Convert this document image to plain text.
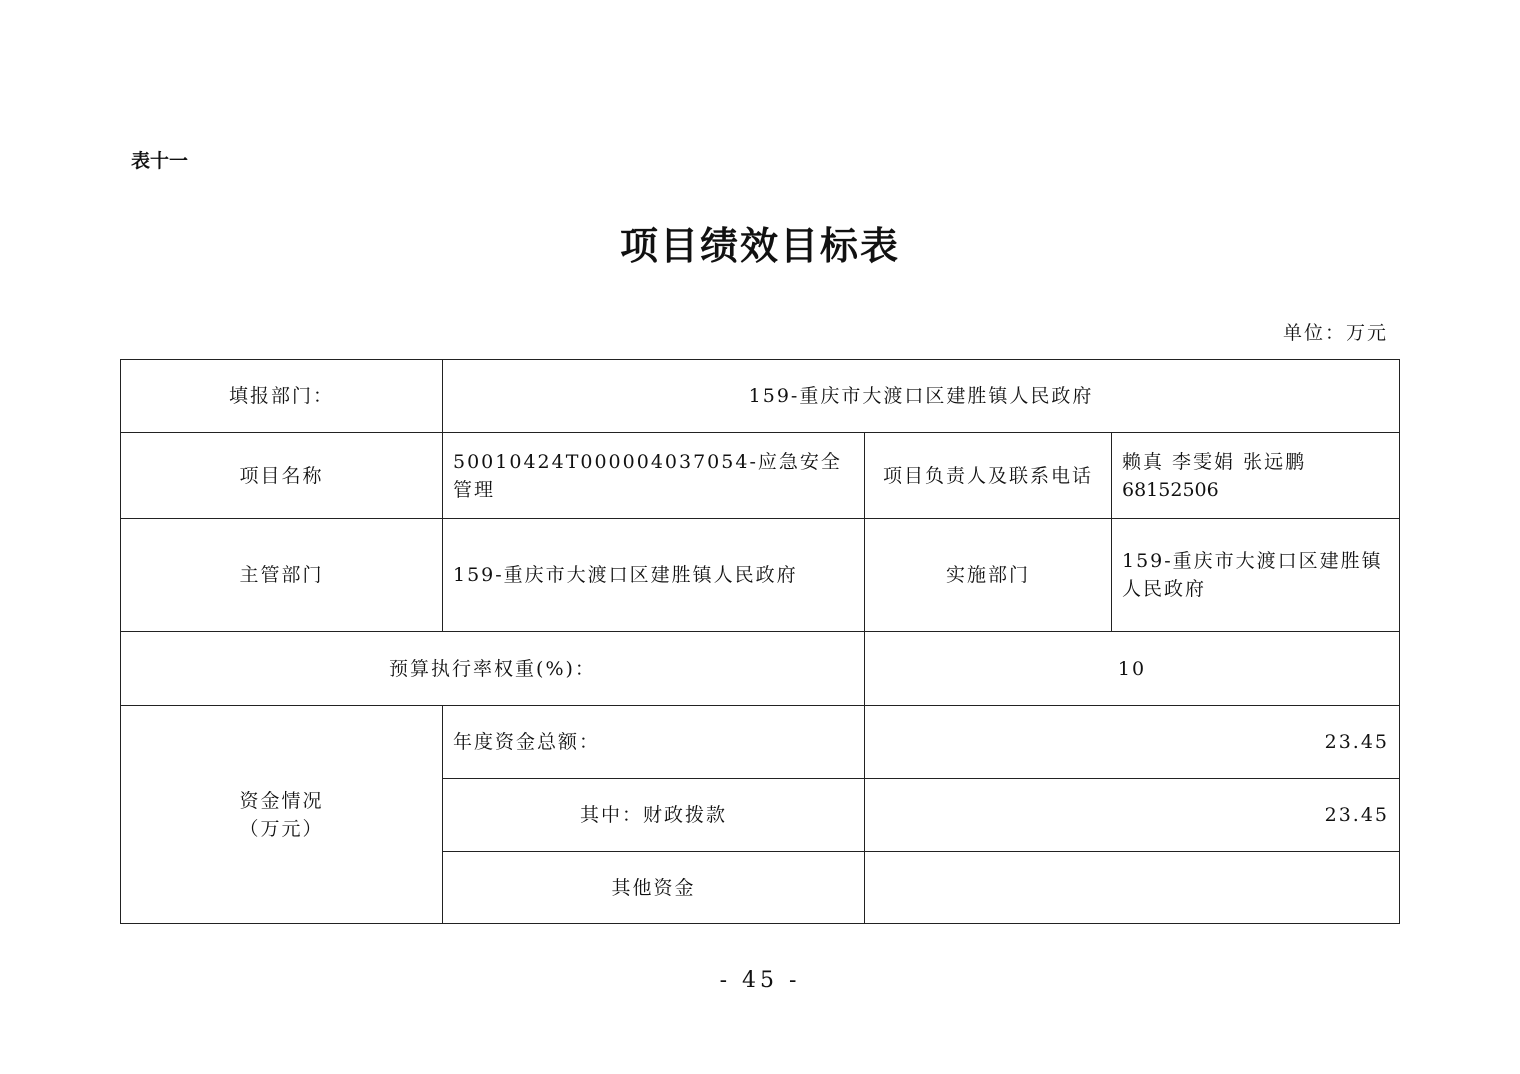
表十一
项目绩效目标表
单位：万元
填报部门：	159-重庆市大渡口区建胜镇人民政府		
项目名称	50010424T000004037054-应急安全管理	项目负责人及联系电话	赖真 李雯娟 张远鹏
68152506

主管部门	159-重庆市大渡口区建胜镇人民政府	实施部门	159-重庆市大渡口区建胜镇
人民政府

预算执行率权重(%)：		10	

资金情况
（万元）	年度资金总额：	23.45	
	其中：财政拨款	23.45	
	其他资金		
- 45 -
